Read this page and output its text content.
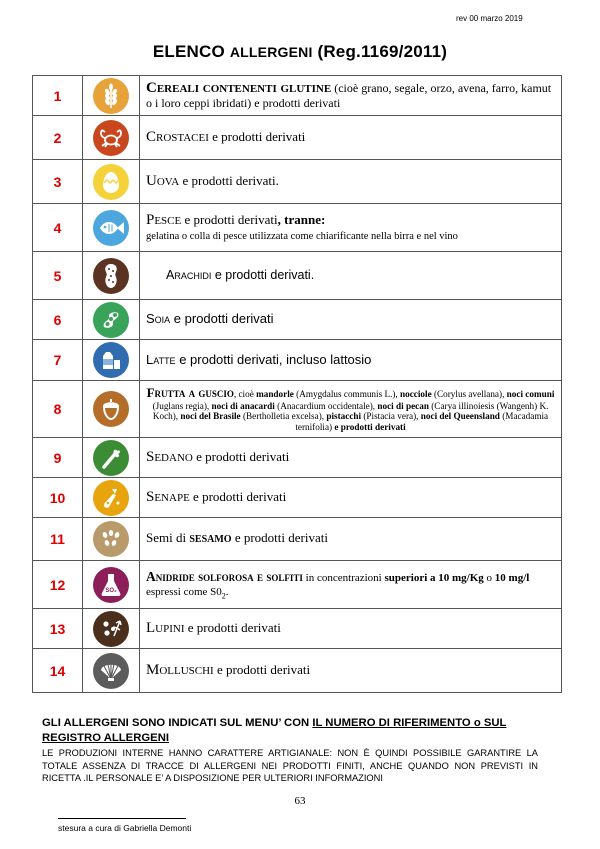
rev 00 marzo 2019
ELENCO ALLERGENI (Reg.1169/2011)
1		Cereali contenenti glutine (cioè grano, segale, orzo, avena, farro, kamut o i loro ceppi ibridati) e prodotti derivati
2		Crostacei e prodotti derivati
3		Uova e prodotti derivati.
4		Pesce e prodotti derivati, tranne:
gelatina o colla di pesce utilizzata come chiarificante nella birra e nel vino
5		Arachidi e prodotti derivati.
6		Soia e prodotti derivati
7		Latte e prodotti derivati, incluso lattosio
8		Frutta a guscio, cioè mandorle (Amygdalus communis L.), nocciole (Corylus avellana), noci comuni (Juglans regia), noci di anacardi (Anacardium occidentale), noci di pecan (Carya illinoiesis (Wangenh) K. Koch), noci del Brasile (Bertholletia excelsa), pistacchi (Pistacia vera), noci del Queensland (Macadamia ternifolia) e prodotti derivati

9		Sedano e prodotti derivati
10		Senape e prodotti derivati
11		Semi di sesamo e prodotti derivati
12	SO₂	Anidride solforosa e solfiti in concentrazioni superiori a 10 mg/Kg o 10 mg/l espressi come $S0_2$.
13		Lupini e prodotti derivati
14		Molluschi e prodotti derivati
GLI ALLERGENI SONO INDICATI SUL MENU’ CON IL NUMERO DI RIFERIMENTO o SUL REGISTRO ALLERGENI
LE PRODUZIONI INTERNE HANNO CARATTERE ARTIGIANALE: NON È QUINDI POSSIBILE GARANTIRE LA TOTALE ASSENZA DI TRACCE DI ALLERGENI NEI PRODOTTI FINITI, ANCHE QUANDO NON PREVISTI IN RICETTA .IL PERSONALE E’ A DISPOSIZIONE PER ULTERIORI INFORMAZIONI
63
stesura a cura di Gabriella Demonti
